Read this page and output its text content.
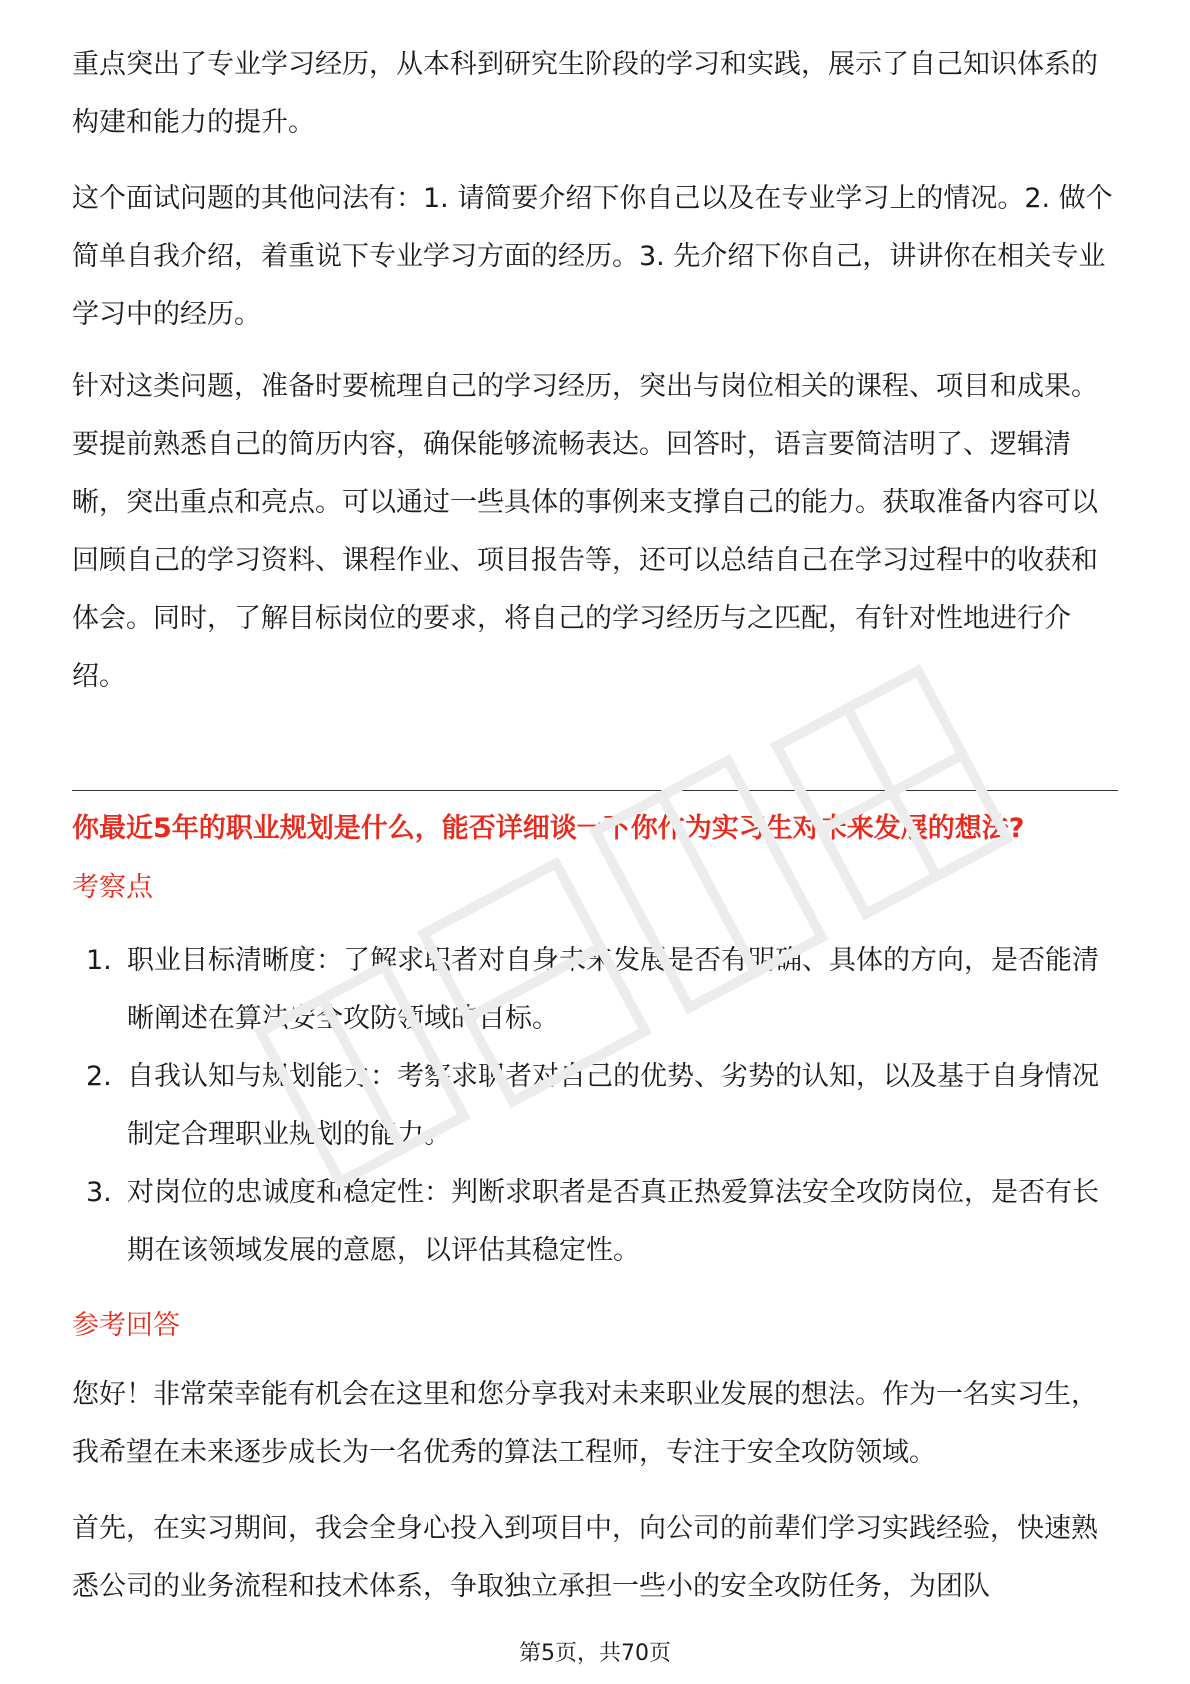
重点突出了专业学习经历，从本科到研究生阶段的学习和实践，展示了自己知识体系的构建和能力的提升。

这个面试问题的其他问法有：1. 请简要介绍下你自己以及在专业学习上的情况。2. 做个简单自我介绍，着重说下专业学习方面的经历。3. 先介绍下你自己，讲讲你在相关专业学习中的经历。

针对这类问题，准备时要梳理自己的学习经历，突出与岗位相关的课程、项目和成果。要提前熟悉自己的简历内容，确保能够流畅表达。回答时，语言要简洁明了、逻辑清晰，突出重点和亮点。可以通过一些具体的事例来支撑自己的能力。获取准备内容可以回顾自己的学习资料、课程作业、项目报告等，还可以总结自己在学习过程中的收获和体会。同时，了解目标岗位的要求，将自己的学习经历与之匹配，有针对性地进行介绍。

你最近5年的职业规划是什么，能否详细谈一下你作为实习生对未来发展的想法?

考察点

1. 职业目标清晰度：了解求职者对自身未来发展是否有明确、具体的方向，是否能清晰阐述在算法安全攻防领域的目标。
2. 自我认知与规划能力：考察求职者对自己的优势、劣势的认知，以及基于自身情况制定合理职业规划的能力。
3. 对岗位的忠诚度和稳定性：判断求职者是否真正热爱算法安全攻防岗位，是否有长期在该领域发展的意愿，以评估其稳定性。

参考回答

您好！非常荣幸能有机会在这里和您分享我对未来职业发展的想法。作为一名实习生，我希望在未来逐步成长为一名优秀的算法工程师，专注于安全攻防领域。

首先，在实习期间，我会全身心投入到项目中，向公司的前辈们学习实践经验，快速熟悉公司的业务流程和技术体系，争取独立承担一些小的安全攻防任务，为团队

第5页，共70页
